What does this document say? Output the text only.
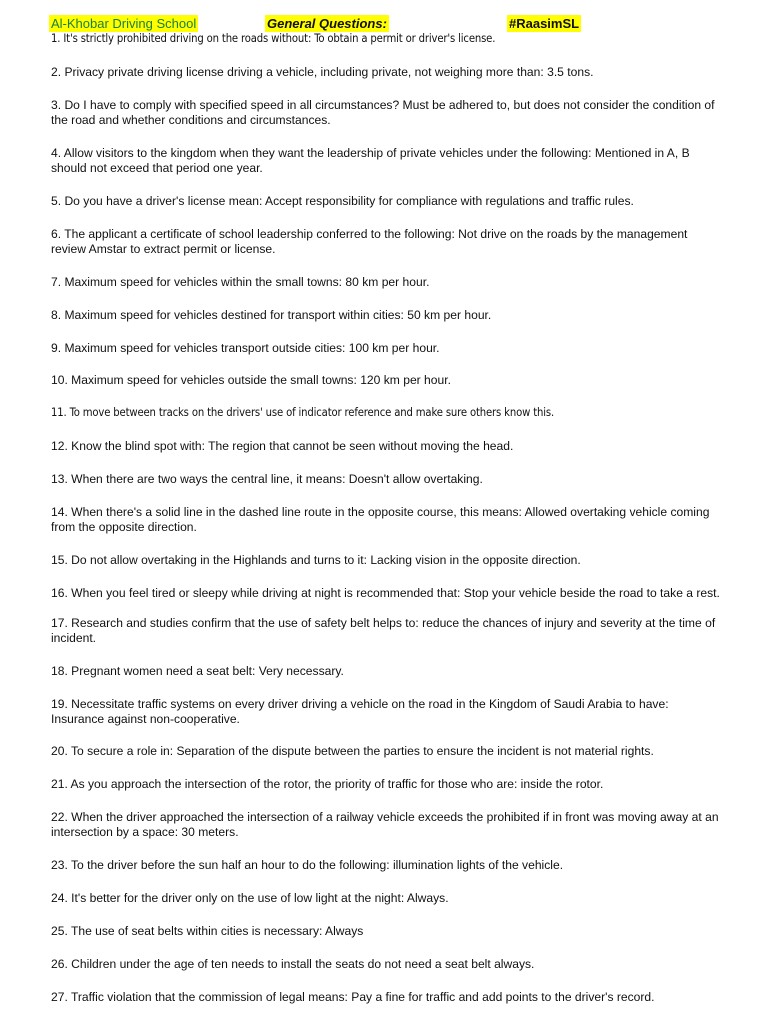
Al-Khobar Driving School	General Questions:	#RaasimSL

1. It's strictly prohibited driving on the roads without: To obtain a permit or driver's license.

2. Privacy private driving license driving a vehicle, including private, not weighing more than: 3.5 tons.

3. Do I have to comply with specified speed in all circumstances? Must be adhered to, but does not consider the condition of the road and whether conditions and circumstances.

4. Allow visitors to the kingdom when they want the leadership of private vehicles under the following: Mentioned in A, B should not exceed that period one year.

5. Do you have a driver's license mean: Accept responsibility for compliance with regulations and traffic rules.

6. The applicant a certificate of school leadership conferred to the following: Not drive on the roads by the management review Amstar to extract permit or license.

7. Maximum speed for vehicles within the small towns: 80 km per hour.

8. Maximum speed for vehicles destined for transport within cities: 50 km per hour.

9. Maximum speed for vehicles transport outside cities: 100 km per hour.

10. Maximum speed for vehicles outside the small towns: 120 km per hour.

11. To move between tracks on the drivers' use of indicator reference and make sure others know this.

12. Know the blind spot with: The region that cannot be seen without moving the head.

13. When there are two ways the central line, it means: Doesn't allow overtaking.

14. When there's a solid line in the dashed line route in the opposite course, this means: Allowed overtaking vehicle coming from the opposite direction.

15. Do not allow overtaking in the Highlands and turns to it: Lacking vision in the opposite direction.

16. When you feel tired or sleepy while driving at night is recommended that: Stop your vehicle beside the road to take a rest.

17. Research and studies confirm that the use of safety belt helps to: reduce the chances of injury and severity at the time of incident.

18. Pregnant women need a seat belt: Very necessary.

19. Necessitate traffic systems on every driver driving a vehicle on the road in the Kingdom of Saudi Arabia to have: Insurance against non-cooperative.

20. To secure a role in: Separation of the dispute between the parties to ensure the incident is not material rights.

21. As you approach the intersection of the rotor, the priority of traffic for those who are: inside the rotor.

22. When the driver approached the intersection of a railway vehicle exceeds the prohibited if in front was moving away at an intersection by a space: 30 meters.

23. To the driver before the sun half an hour to do the following: illumination lights of the vehicle.

24. It's better for the driver only on the use of low light at the night: Always.

25. The use of seat belts within cities is necessary: Always

26. Children under the age of ten needs to install the seats do not need a seat belt always.

27. Traffic violation that the commission of legal means: Pay a fine for traffic and add points to the driver's record.
